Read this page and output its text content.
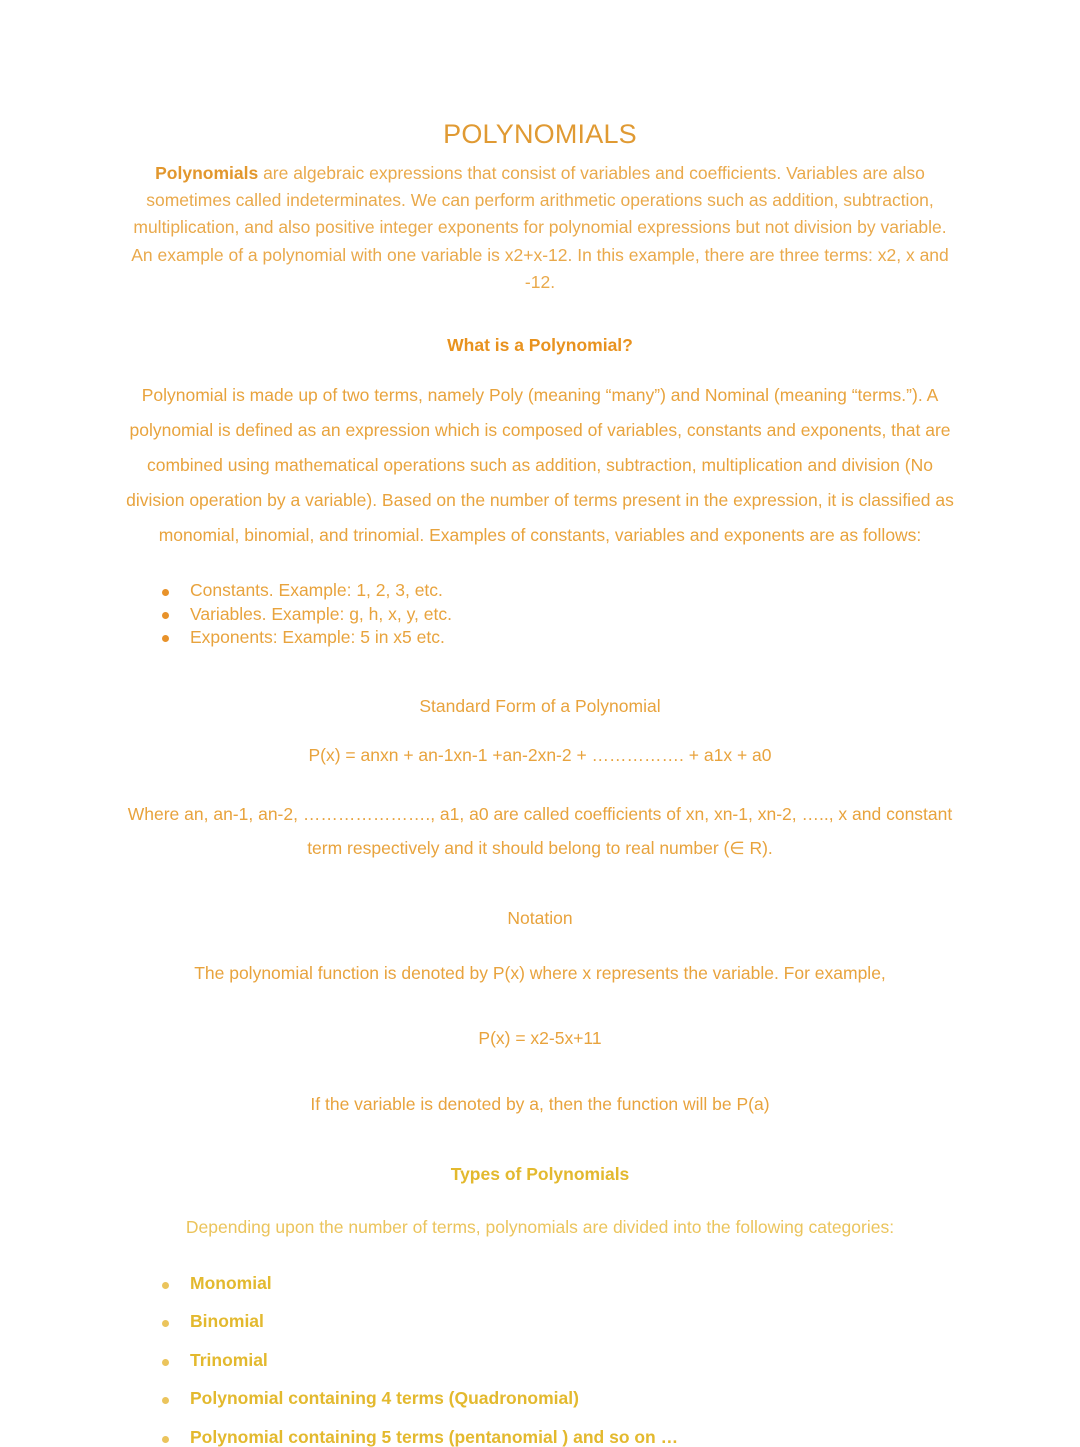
POLYNOMIALS

Polynomials are algebraic expressions that consist of variables and coefficients. Variables are also sometimes called indeterminates. We can perform arithmetic operations such as addition, subtraction, multiplication, and also positive integer exponents for polynomial expressions but not division by variable. An example of a polynomial with one variable is x2+x-12. In this example, there are three terms: x2, x and -12.

What is a Polynomial?

Polynomial is made up of two terms, namely Poly (meaning “many”) and Nominal (meaning “terms.”). A polynomial is defined as an expression which is composed of variables, constants and exponents, that are combined using mathematical operations such as addition, subtraction, multiplication and division (No division operation by a variable). Based on the number of terms present in the expression, it is classified as monomial, binomial, and trinomial. Examples of constants, variables and exponents are as follows:

Constants. Example: 1, 2, 3, etc.
Variables. Example: g, h, x, y, etc.
Exponents: Example: 5 in x5 etc.
Standard Form of a Polynomial

P(x) = anxn + an-1xn-1 +an-2xn-2 + ……………. + a1x + a0

Where an, an-1, an-2, …………………., a1, a0 are called coefficients of xn, xn-1, xn-2, ….., x and constant term respectively and it should belong to real number (∈ R).

Notation

The polynomial function is denoted by P(x) where x represents the variable. For example,

P(x) = x2-5x+11

If the variable is denoted by a, then the function will be P(a)

Types of Polynomials

Depending upon the number of terms, polynomials are divided into the following categories:

Monomial
Binomial
Trinomial
Polynomial containing 4 terms (Quadronomial)
Polynomial containing 5 terms (pentanomial ) and so on …
